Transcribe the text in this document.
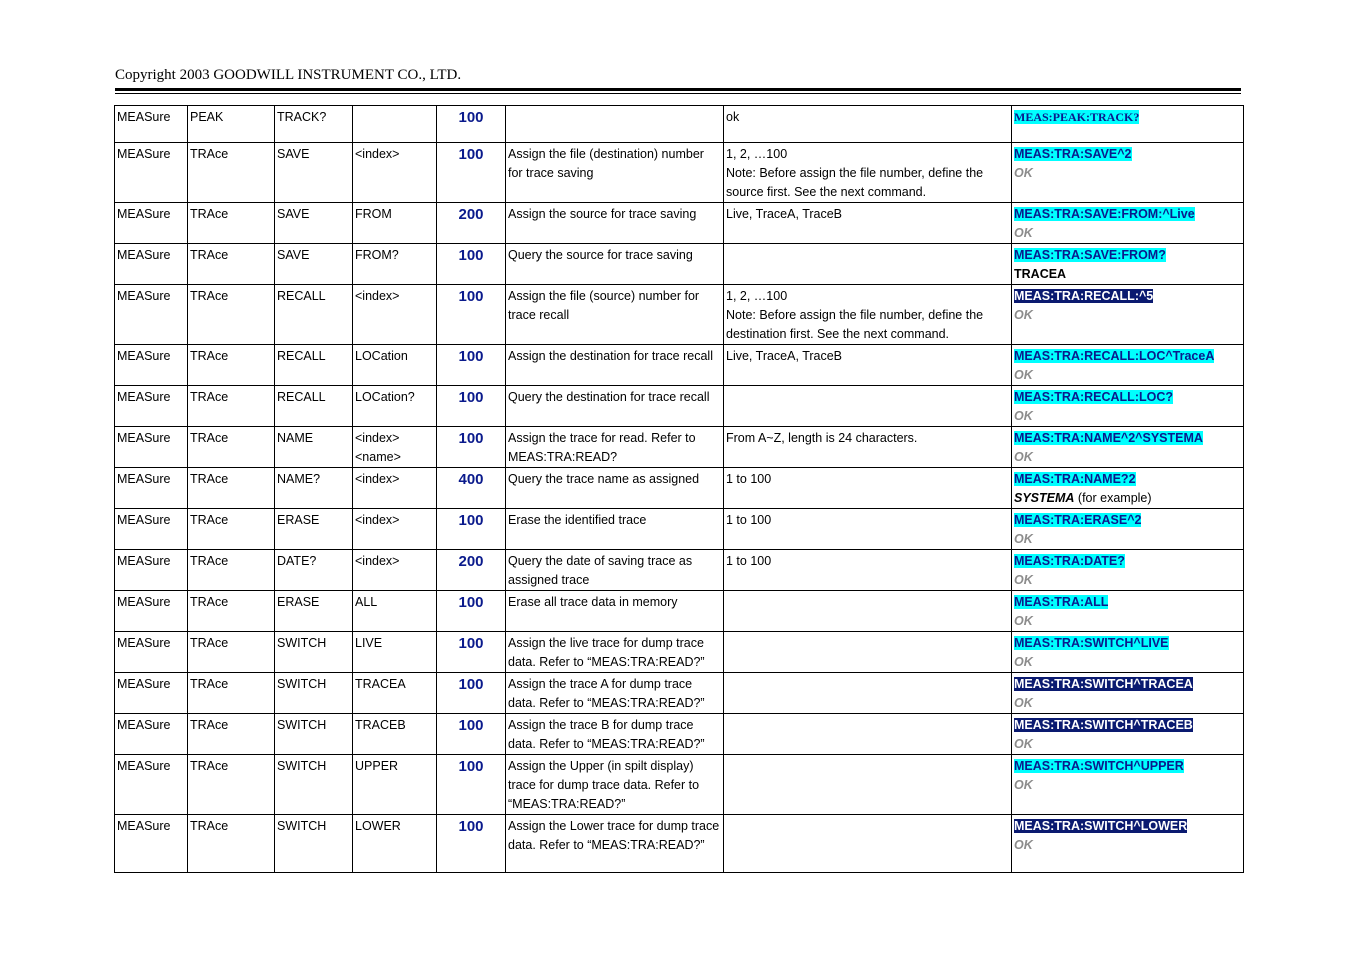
Copyright 2003 GOODWILL INSTRUMENT CO., LTD.
MEASure	PEAK	TRACK?		100		ok	MEAS:PEAK:TRACK?
MEASure	TRAce	SAVE	<index>	100	Assign the file (destination) number for trace saving	1, 2, …100
Note: Before assign the file number, define the source first. See the next command.	MEAS:TRA:SAVE^2
OK
MEASure	TRAce	SAVE	FROM	200	Assign the source for trace saving	Live, TraceA, TraceB	MEAS:TRA:SAVE:FROM:^Live
OK
MEASure	TRAce	SAVE	FROM?	100	Query the source for trace saving		MEAS:TRA:SAVE:FROM?
TRACEA
MEASure	TRAce	RECALL	<index>	100	Assign the file (source) number for trace recall	1, 2, …100
Note: Before assign the file number, define the destination first. See the next command.	MEAS:TRA:RECALL:^5
OK
MEASure	TRAce	RECALL	LOCation	100	Assign the destination for trace recall	Live, TraceA, TraceB	MEAS:TRA:RECALL:LOC^TraceA
OK
MEASure	TRAce	RECALL	LOCation?	100	Query the destination for trace recall		MEAS:TRA:RECALL:LOC?
OK
MEASure	TRAce	NAME	<index><name>	100	Assign the trace for read. Refer to MEAS:TRA:READ?	From A~Z, length is 24 characters.	MEAS:TRA:NAME^2^SYSTEMA
OK
MEASure	TRAce	NAME?	<index>	400	Query the trace name as assigned	1 to 100	MEAS:TRA:NAME?2
SYSTEMA (for example)
MEASure	TRAce	ERASE	<index>	100	Erase the identified trace	1 to 100	MEAS:TRA:ERASE^2
OK
MEASure	TRAce	DATE?	<index>	200	Query the date of saving trace as assigned trace	1 to 100	MEAS:TRA:DATE?
OK
MEASure	TRAce	ERASE	ALL	100	Erase all trace data in memory		MEAS:TRA:ALL
OK
MEASure	TRAce	SWITCH	LIVE	100	Assign the live trace for dump trace data. Refer to “MEAS:TRA:READ?”		MEAS:TRA:SWITCH^LIVE
OK
MEASure	TRAce	SWITCH	TRACEA	100	Assign the trace A for dump trace data. Refer to “MEAS:TRA:READ?”		MEAS:TRA:SWITCH^TRACEA
OK
MEASure	TRAce	SWITCH	TRACEB	100	Assign the trace B for dump trace data. Refer to “MEAS:TRA:READ?”		MEAS:TRA:SWITCH^TRACEB
OK
MEASure	TRAce	SWITCH	UPPER	100	Assign the Upper (in spilt display) trace for dump trace data. Refer to “MEAS:TRA:READ?”		MEAS:TRA:SWITCH^UPPER
OK
MEASure	TRAce	SWITCH	LOWER	100	Assign the Lower trace for dump trace data. Refer to “MEAS:TRA:READ?”		MEAS:TRA:SWITCH^LOWER
OK
